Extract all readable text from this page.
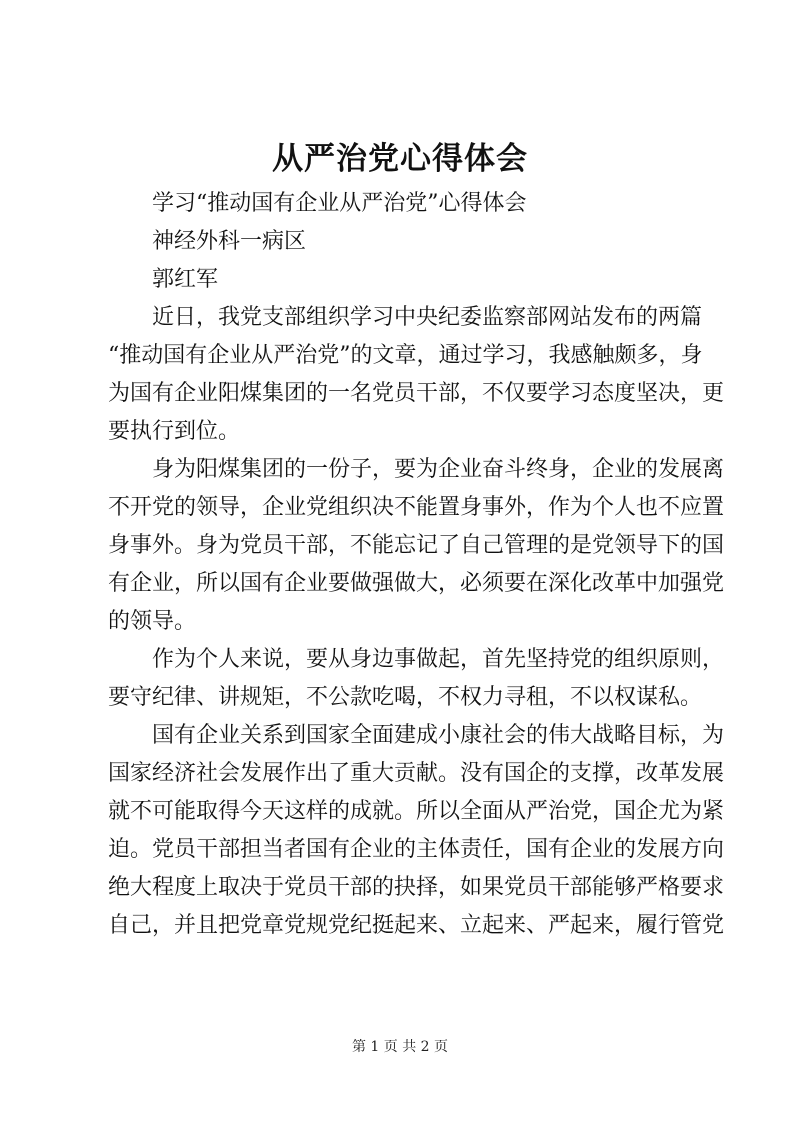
从严治党心得体会
学习“推动国有企业从严治党”心得体会
神经外科一病区
郭红军
近日，我党支部组织学习中央纪委监察部网站发布的两篇
“推动国有企业从严治党”的文章，通过学习，我感触颇多，身
为国有企业阳煤集团的一名党员干部，不仅要学习态度坚决，更
要执行到位。
身为阳煤集团的一份子，要为企业奋斗终身，企业的发展离
不开党的领导，企业党组织决不能置身事外，作为个人也不应置
身事外。身为党员干部，不能忘记了自己管理的是党领导下的国
有企业，所以国有企业要做强做大，必须要在深化改革中加强党
的领导。
作为个人来说，要从身边事做起，首先坚持党的组织原则，
要守纪律、讲规矩，不公款吃喝，不权力寻租，不以权谋私。
国有企业关系到国家全面建成小康社会的伟大战略目标，为
国家经济社会发展作出了重大贡献。没有国企的支撑，改革发展
就不可能取得今天这样的成就。所以全面从严治党，国企尤为紧
迫。党员干部担当者国有企业的主体责任，国有企业的发展方向
绝大程度上取决于党员干部的抉择，如果党员干部能够严格要求
自己，并且把党章党规党纪挺起来、立起来、严起来，履行管党
第 1 页 共 2 页
